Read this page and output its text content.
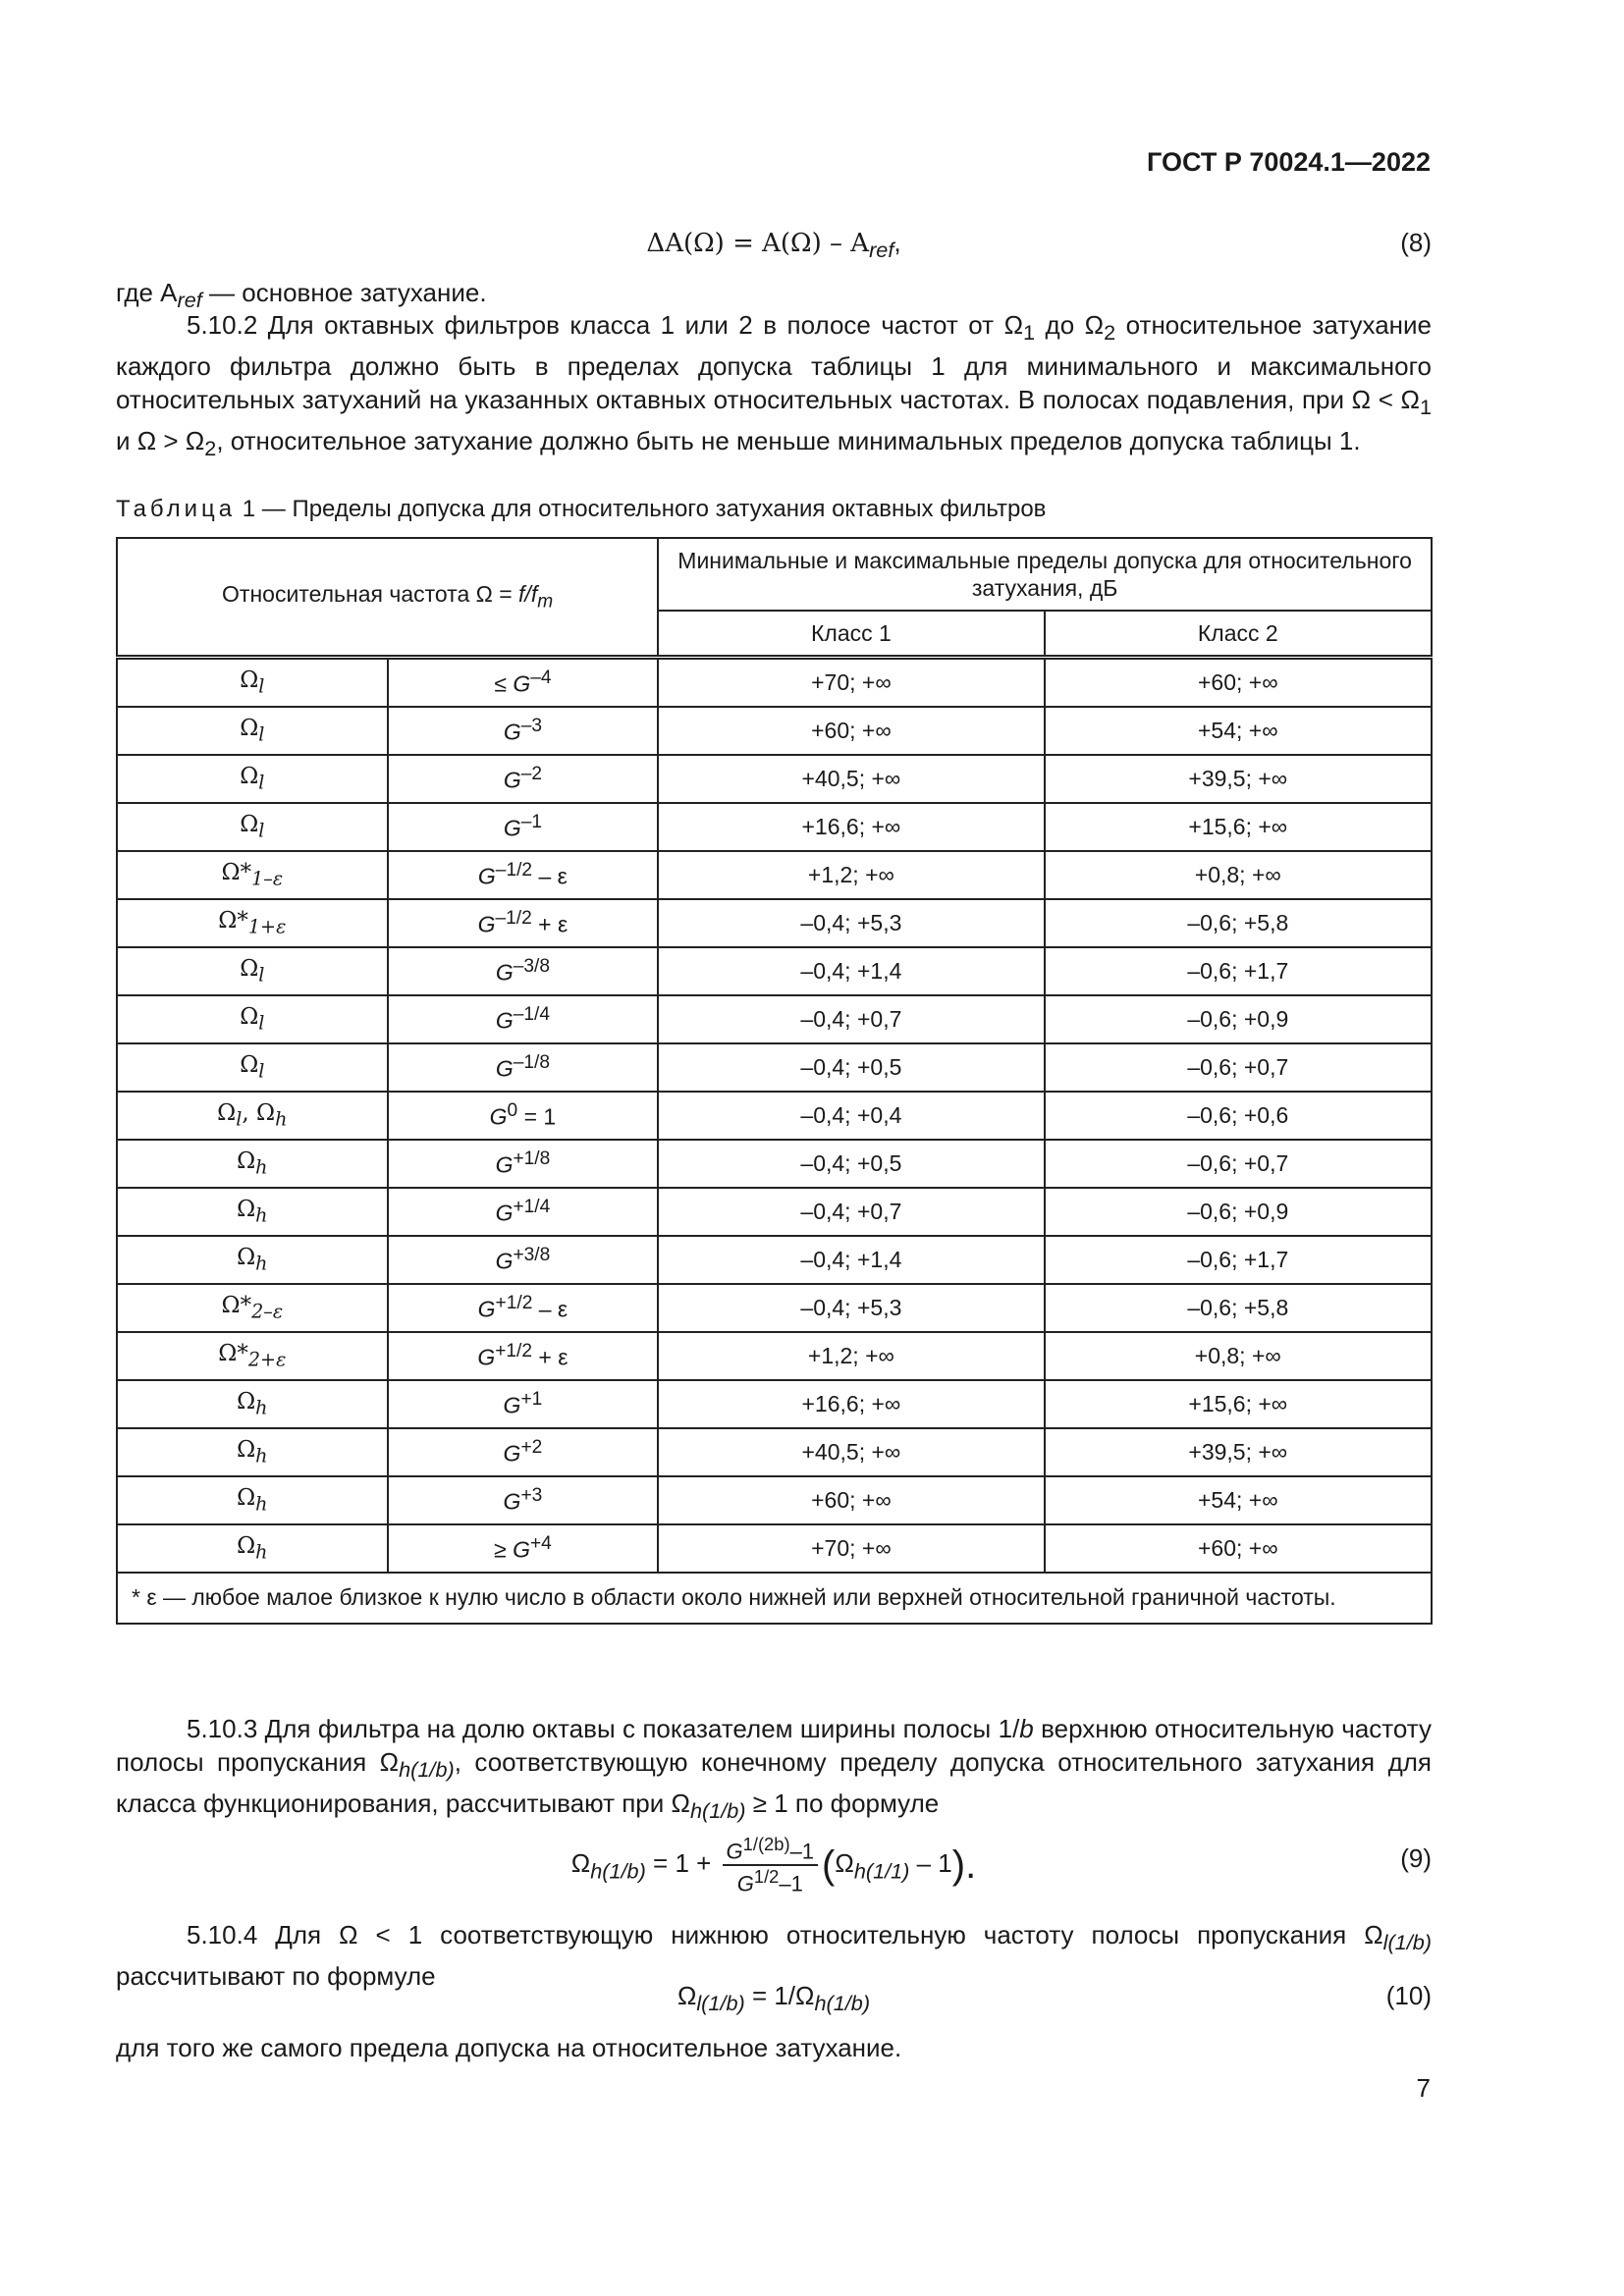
ГОСТ Р 70024.1—2022
$\Delta A(\Omega) = A(\Omega) - A_{ref}$,	(8)
где $A_{ref}$ — основное затухание.
5.10.2 Для октавных фильтров класса 1 или 2 в полосе частот от $\Omega_1$ до $\Omega_2$ относительное затухание каждого фильтра должно быть в пределах допуска таблицы 1 для минимального и максимального относительных затуханий на указанных октавных относительных частотах. В полосах подавления, при $\Omega < \Omega_1$ и $\Omega > \Omega_2$, относительное затухание должно быть не меньше минимальных пределов допуска таблицы 1.
Таблица 1 — Пределы допуска для относительного затухания октавных фильтров
Относительная частота $\Omega = f/f_m$		Минимальные и максимальные пределы допуска для относительного затухания, дБ	
		Класс 1	Класс 2
$\Omega_l$	≤ $G^{-4}$	+70; +∞	+60; +∞
$\Omega_l$	$G^{-3}$	+60; +∞	+54; +∞
$\Omega_l$	$G^{-2}$	+40,5; +∞	+39,5; +∞
$\Omega_l$	$G^{-1}$	+16,6; +∞	+15,6; +∞
$\Omega*_{1-\varepsilon}$	$G^{-1/2}$ – ε	+1,2; +∞	+0,8; +∞
$\Omega*_{1+\varepsilon}$	$G^{-1/2} + \varepsilon$	–0,4; +5,3	–0,6; +5,8
$\Omega_l$	$G^{-3/8}$	–0,4; +1,4	–0,6; +1,7
$\Omega_l$	$G^{-1/4}$	–0,4; +0,7	–0,6; +0,9
$\Omega_l$	$G^{-1/8}$	–0,4; +0,5	–0,6; +0,7
$\Omega_l$, $\Omega_h$	$G^0 = 1$	–0,4; +0,4	–0,6; +0,6
$\Omega_h$	$G^{+1/8}$	–0,4; +0,5	–0,6; +0,7
$\Omega_h$	$G^{+1/4}$	–0,4; +0,7	–0,6; +0,9
$\Omega_h$	$G^{+3/8}$	–0,4; +1,4	–0,6; +1,7
$\Omega*_{2-\varepsilon}$	$G^{+1/2}$ – ε	–0,4; +5,3	–0,6; +5,8
$\Omega*_{2+\varepsilon}$	$G^{+1/2} + \varepsilon$	+1,2; +∞	+0,8; +∞
$\Omega_h$	$G^{+1}$	+16,6; +∞	+15,6; +∞
$\Omega_h$	$G^{+2}$	+40,5; +∞	+39,5; +∞
$\Omega_h$	$G^{+3}$	+60; +∞	+54; +∞
$\Omega_h$	≥ $G^{+4}$	+70; +∞	+60; +∞
* ε — любое малое близкое к нулю число в области около нижней или верхней относительной граничной частоты.			
5.10.3 Для фильтра на долю октавы с показателем ширины полосы 1/b верхнюю относительную частоту полосы пропускания $\Omega_{h(1/b)}$, соответствующую конечному пределу допуска относительного затухания для класса функционирования, рассчитывают при $\Omega_{h(1/b)} \ge 1$ по формуле
$\Omega_{h(1/b)} = 1 + \frac{G^{1/(2b)}-1}{G^{1/2}-1} (\Omega_{h(1/1)} - 1)$.	(9)
5.10.4 Для Ω < 1 соответствующую нижнюю относительную частоту полосы пропускания $\Omega_{l(1/b)}$ рассчитывают по формуле
$\Omega_{l(1/b)} = 1/\Omega_{h(1/b)}$	(10)
для того же самого предела допуска на относительное затухание.
7
